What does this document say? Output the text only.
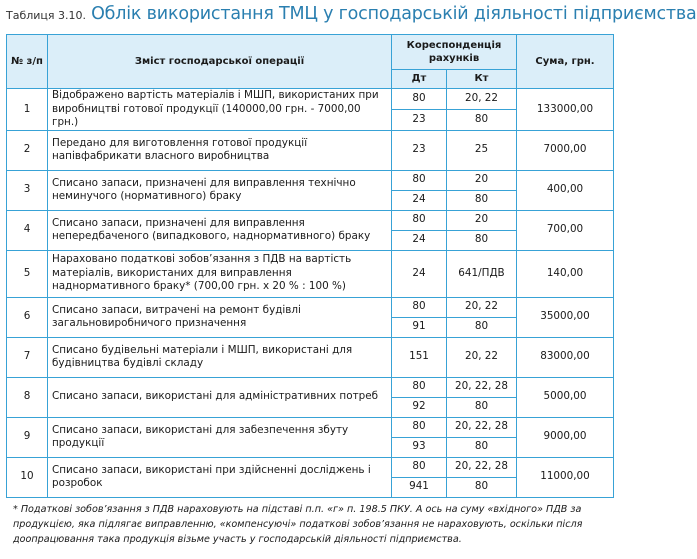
Таблиця 3.10. Облік використання ТМЦ у господарській діяльності підприємства
№ з/п	Зміст господарської операції	Кореспонденція рахунків		Сума, грн.
		Дт	Кт	
1	Відображено вартість матеріалів і МШП, використаних при виробництві готової продукції (140000,00 грн. - 7000,00 грн.)	80	20, 22	133000,00
		23	80	
2	Передано для виготовлення готової продукції напівфабрикати власного виробництва	23	25	7000,00
3	Списано запаси, призначені для виправлення технічно неминучого (нормативного) браку	80	20	400,00
		24	80	
4	Списано запаси, призначені для виправлення непередбаченого (випадкового, наднормативного) браку	80	20	700,00
		24	80	
5	Нараховано податкові зобов’язання з ПДВ на вартість матеріалів, використаних для виправлення наднормативного браку* (700,00 грн. х 20 % : 100 %)	24	641/ПДВ	140,00
6	Списано запаси, витрачені на ремонт будівлі загальновиробничого призначення	80	20, 22	35000,00
		91	80	
7	Списано будівельні матеріали і МШП, використані для будівництва будівлі складу	151	20, 22	83000,00
8	Списано запаси, використані для адміністративних потреб	80	20, 22, 28	5000,00
		92	80	
9	Списано запаси, використані для забезпечення збуту продукції	80	20, 22, 28	9000,00
		93	80	
10	Списано запаси, використані при здійсненні досліджень і розробок	80	20, 22, 28	11000,00
		941	80	
* Податкові зобов’язання з ПДВ нараховують на підставі п.п. «г» п. 198.5 ПКУ. А ось на суму «вхідного» ПДВ за продукцією, яка підлягає виправленню, «компенсуючі» податкові зобов’язання не нараховують, оскільки після доопрацювання така продукція візьме участь у господарській діяльності підприємства.
